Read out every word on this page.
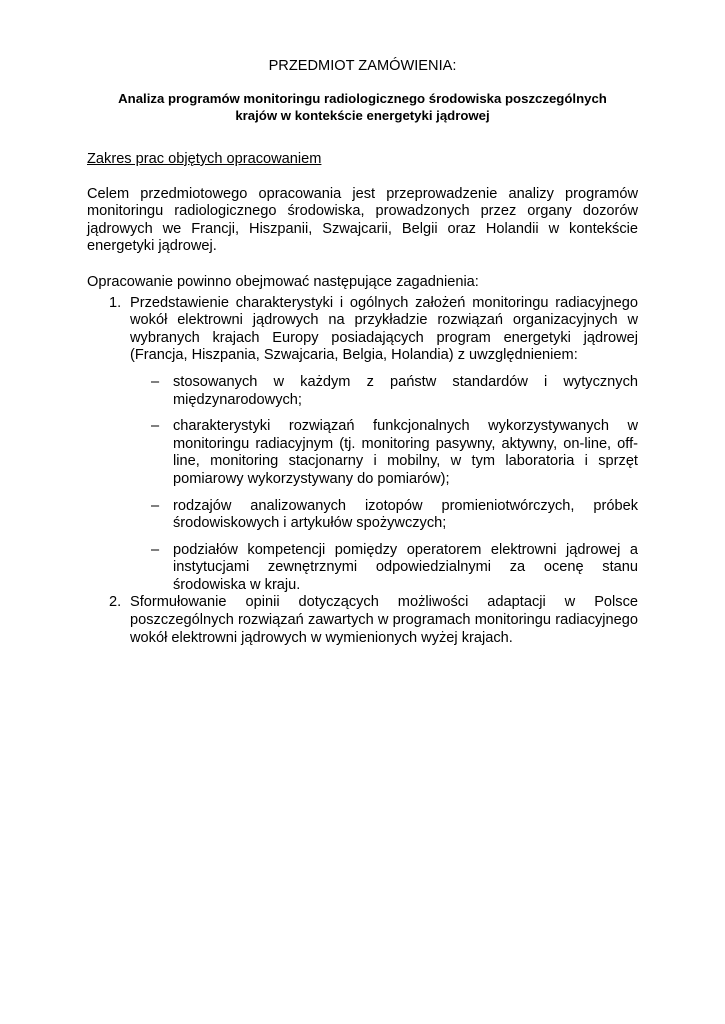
PRZEDMIOT ZAMÓWIENIA:
Analiza programów monitoringu radiologicznego środowiska poszczególnych
krajów w kontekście energetyki jądrowej
Zakres prac objętych opracowaniem

Celem przedmiotowego opracowania jest przeprowadzenie analizy programów monitoringu radiologicznego środowiska, prowadzonych przez organy dozorów jądrowych we Francji, Hiszpanii, Szwajcarii, Belgii oraz Holandii w kontekście energetyki jądrowej.

Opracowanie powinno obejmować następujące zagadnienia:

1. Przedstawienie charakterystyki i ogólnych założeń monitoringu radiacyjnego wokół elektrowni jądrowych na przykładzie rozwiązań organizacyjnych w wybranych krajach Europy posiadających program energetyki jądrowej (Francja, Hiszpania, Szwajcaria, Belgia, Holandia) z uwzględnieniem:
– stosowanych w każdym z państw standardów i wytycznych międzynarodowych;
– charakterystyki rozwiązań funkcjonalnych wykorzystywanych w monitoringu radiacyjnym (tj. monitoring pasywny, aktywny, on-line, off-line, monitoring stacjonarny i mobilny, w tym laboratoria i sprzęt pomiarowy wykorzystywany do pomiarów);
– rodzajów analizowanych izotopów promieniotwórczych, próbek środowiskowych i artykułów spożywczych;
– podziałów kompetencji pomiędzy operatorem elektrowni jądrowej a instytucjami zewnętrznymi odpowiedzialnymi za ocenę stanu środowiska w kraju.
2. Sformułowanie opinii dotyczących możliwości adaptacji w Polsce poszczególnych rozwiązań zawartych w programach monitoringu radiacyjnego wokół elektrowni jądrowych w wymienionych wyżej krajach.
